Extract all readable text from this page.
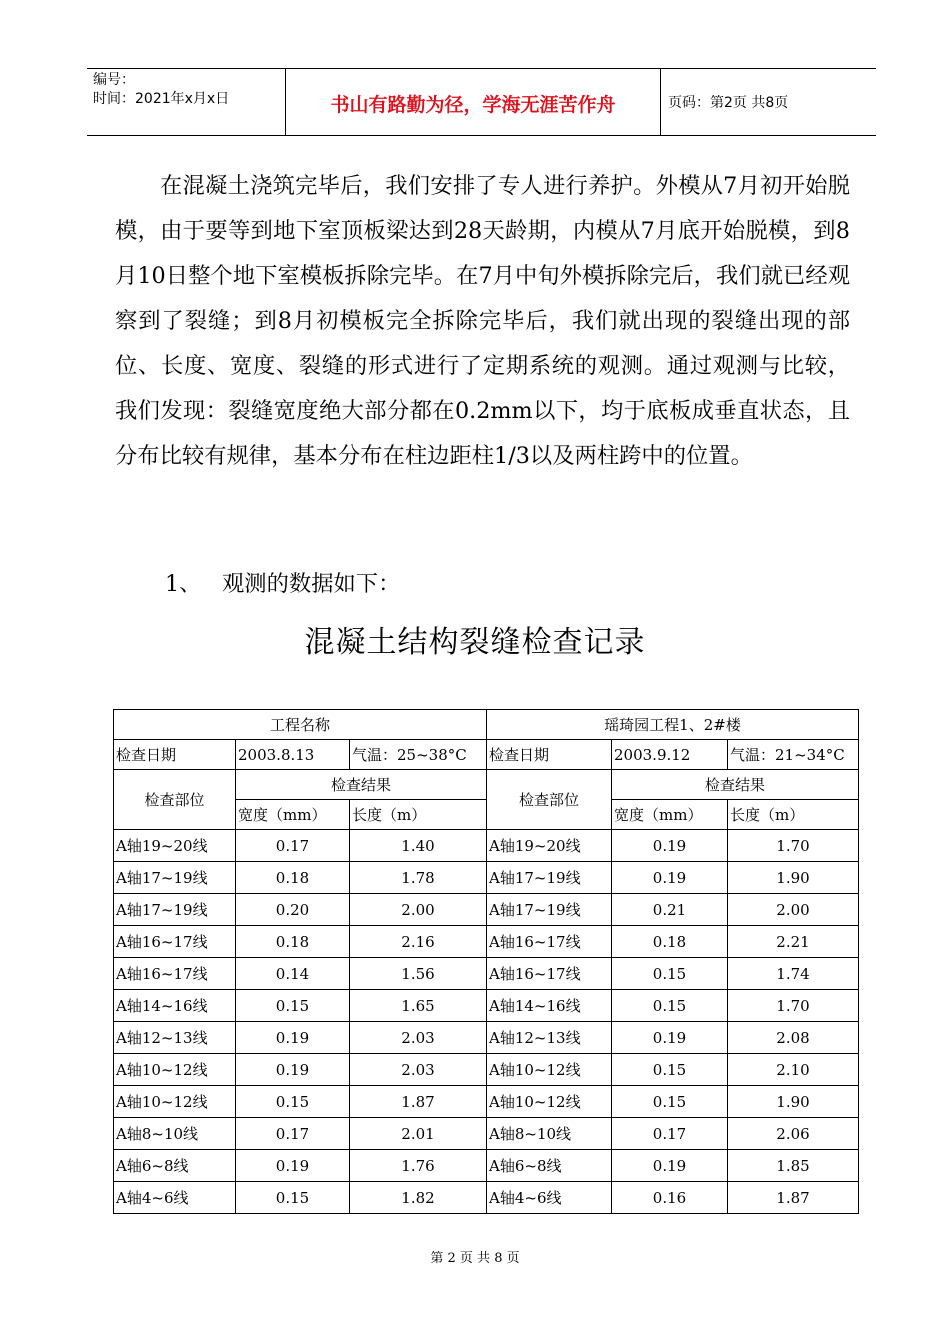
编号：
时间：2021年x月x日	书山有路勤为径，学海无涯苦作舟	页码：第2页 共8页

在混凝土浇筑完毕后，我们安排了专人进行养护。外模从7月初开始脱模，由于要等到地下室顶板梁达到28天龄期，内模从7月底开始脱模，到8月10日整个地下室模板拆除完毕。在7月中旬外模拆除完后，我们就已经观察到了裂缝；到8月初模板完全拆除完毕后，我们就出现的裂缝出现的部位、长度、宽度、裂缝的形式进行了定期系统的观测。通过观测与比较，我们发现：裂缝宽度绝大部分都在0.2mm以下，均于底板成垂直状态，且分布比较有规律，基本分布在柱边距柱1/3以及两柱跨中的位置。

1、 观测的数据如下：
混凝土结构裂缝检查记录
工程名称			瑶琦园工程1、2#楼		
检查日期	2003.8.13	气温：25~38°C	检查日期	2003.9.12	气温：21~34°C
检查部位	检查结果		检查部位	检查结果	
	宽度（mm）	长度（m）		宽度（mm）	长度（m）
A轴19~20线	0.17	1.40	A轴19~20线	0.19	1.70
A轴17~19线	0.18	1.78	A轴17~19线	0.19	1.90
A轴17~19线	0.20	2.00	A轴17~19线	0.21	2.00
A轴16~17线	0.18	2.16	A轴16~17线	0.18	2.21
A轴16~17线	0.14	1.56	A轴16~17线	0.15	1.74
A轴14~16线	0.15	1.65	A轴14~16线	0.15	1.70
A轴12~13线	0.19	2.03	A轴12~13线	0.19	2.08
A轴10~12线	0.19	2.03	A轴10~12线	0.15	2.10
A轴10~12线	0.15	1.87	A轴10~12线	0.15	1.90
A轴8~10线	0.17	2.01	A轴8~10线	0.17	2.06
A轴6~8线	0.19	1.76	A轴6~8线	0.19	1.85
A轴4~6线	0.15	1.82	A轴4~6线	0.16	1.87
第 2 页 共 8 页
